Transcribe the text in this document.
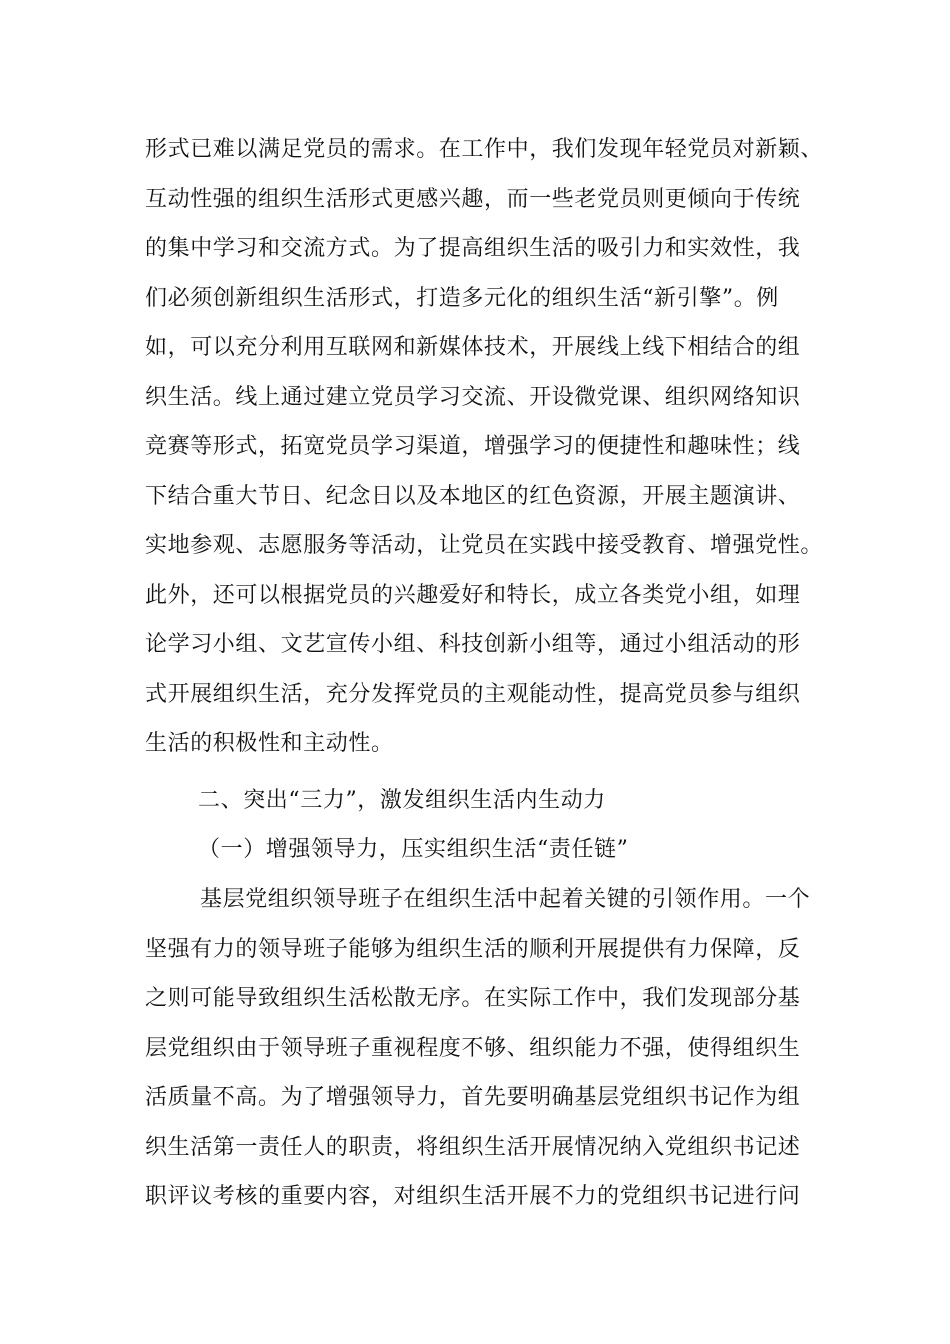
形式已难以满足党员的需求。在工作中，我们发现年轻党员对新颖、
互动性强的组织生活形式更感兴趣，而一些老党员则更倾向于传统
的集中学习和交流方式。为了提高组织生活的吸引力和实效性，我
们必须创新组织生活形式，打造多元化的组织生活“新引擎”。例
如，可以充分利用互联网和新媒体技术，开展线上线下相结合的组
织生活。线上通过建立党员学习交流、开设微党课、组织网络知识
竞赛等形式，拓宽党员学习渠道，增强学习的便捷性和趣味性；线
下结合重大节日、纪念日以及本地区的红色资源，开展主题演讲、
实地参观、志愿服务等活动，让党员在实践中接受教育、增强党性。
此外，还可以根据党员的兴趣爱好和特长，成立各类党小组，如理
论学习小组、文艺宣传小组、科技创新小组等，通过小组活动的形
式开展组织生活，充分发挥党员的主观能动性，提高党员参与组织
生活的积极性和主动性。
二、突出“三力”，激发组织生活内生动力
（一）增强领导力，压实组织生活“责任链”
基层党组织领导班子在组织生活中起着关键的引领作用。一个
坚强有力的领导班子能够为组织生活的顺利开展提供有力保障，反
之则可能导致组织生活松散无序。在实际工作中，我们发现部分基
层党组织由于领导班子重视程度不够、组织能力不强，使得组织生
活质量不高。为了增强领导力，首先要明确基层党组织书记作为组
织生活第一责任人的职责，将组织生活开展情况纳入党组织书记述
职评议考核的重要内容，对组织生活开展不力的党组织书记进行问
